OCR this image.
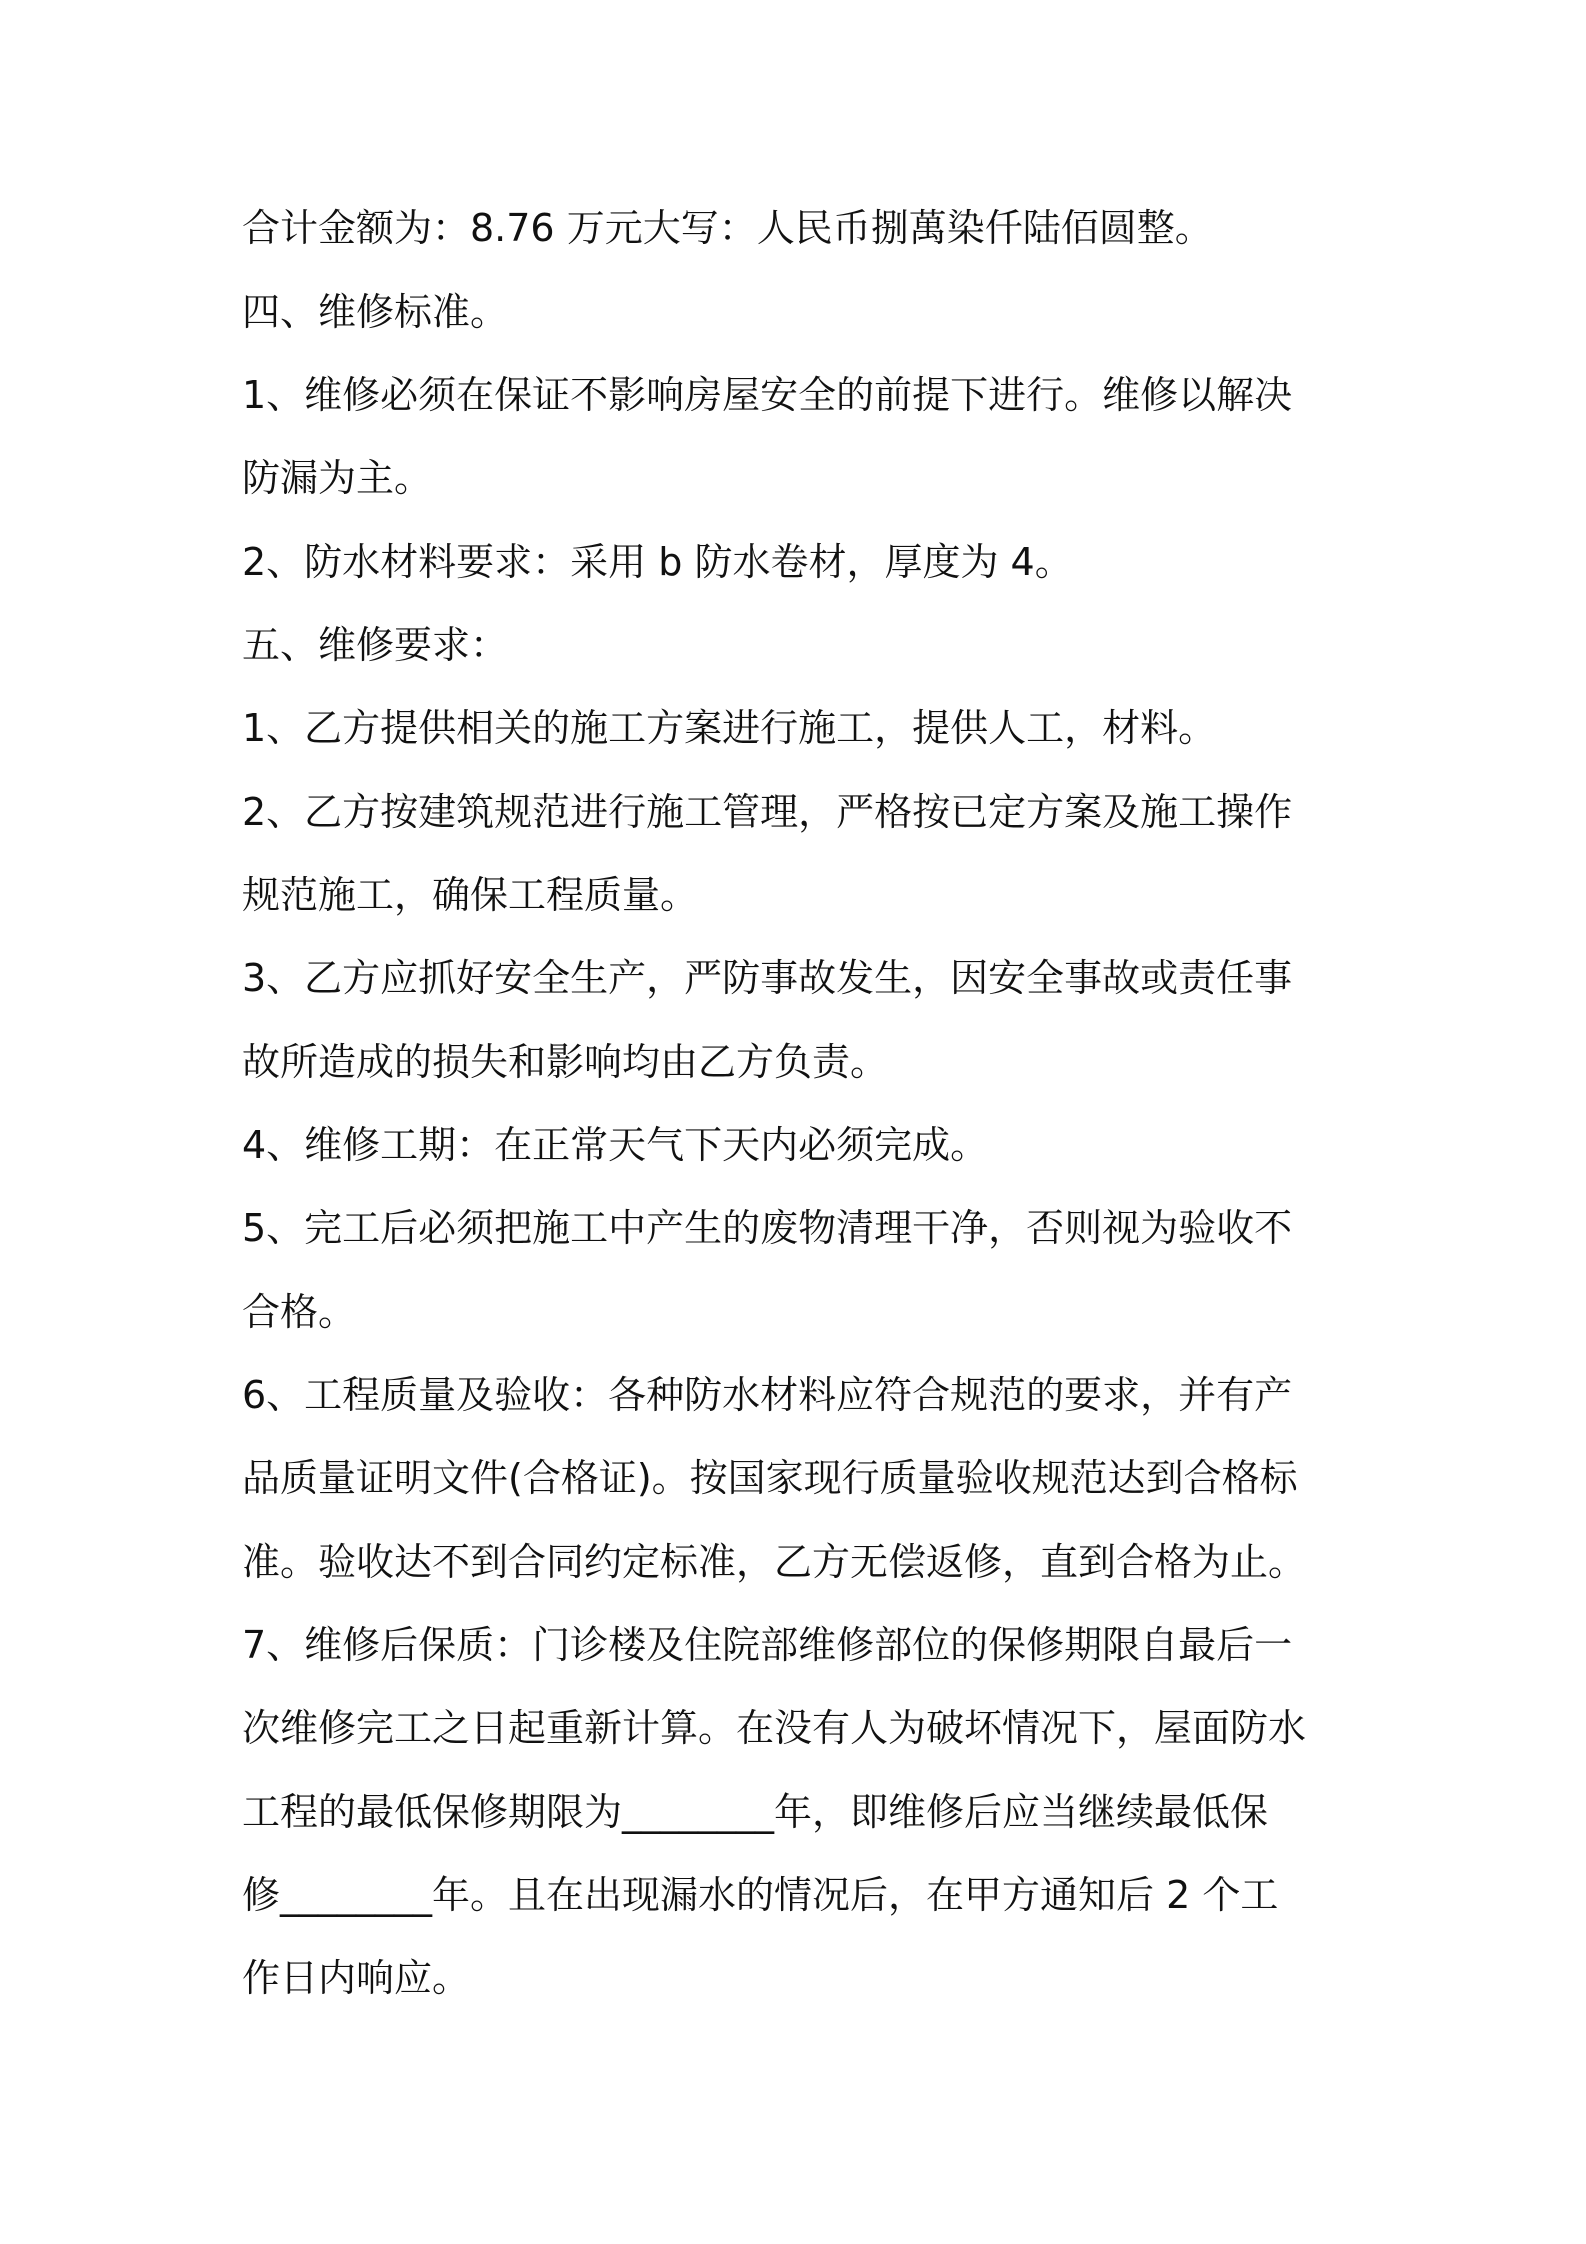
合计金额为：8.76 万元大写：人民币捌萬染仟陆佰圆整。

四、维修标准。

1、维修必须在保证不影响房屋安全的前提下进行。维修以解决

防漏为主。

2、防水材料要求：采用 b 防水卷材，厚度为 4。

五、维修要求：

1、乙方提供相关的施工方案进行施工，提供人工，材料。

2、乙方按建筑规范进行施工管理，严格按已定方案及施工操作

规范施工，确保工程质量。

3、乙方应抓好安全生产，严防事故发生，因安全事故或责任事

故所造成的损失和影响均由乙方负责。

4、维修工期：在正常天气下天内必须完成。

5、完工后必须把施工中产生的废物清理干净，否则视为验收不

合格。

6、工程质量及验收：各种防水材料应符合规范的要求，并有产

品质量证明文件(合格证)。按国家现行质量验收规范达到合格标

准。验收达不到合同约定标准，乙方无偿返修，直到合格为止。

7、维修后保质：门诊楼及住院部维修部位的保修期限自最后一

次维修完工之日起重新计算。在没有人为破坏情况下，屋面防水

工程的最低保修期限为________年，即维修后应当继续最低保

修________年。且在出现漏水的情况后，在甲方通知后 2 个工

作日内响应。
